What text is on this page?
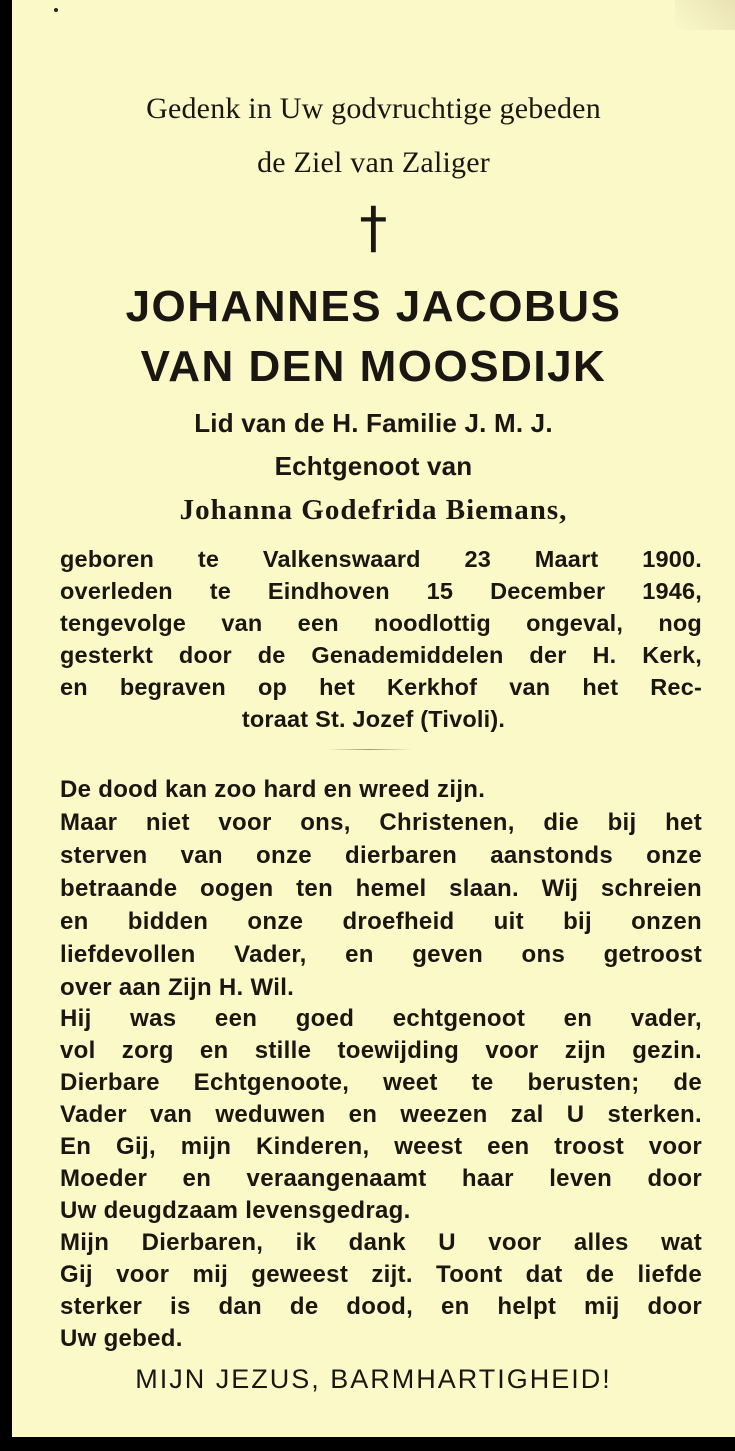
Gedenk in Uw godvruchtige gebeden
de Ziel van Zaliger
†
JOHANNES JACOBUS
VAN DEN MOOSDIJK
Lid van de H. Familie J. M. J.
Echtgenoot van
Johanna Godefrida Biemans,
geboren te Valkenswaard 23 Maart 1900.
overleden te Eindhoven 15 December 1946,
tengevolge van een noodlottig ongeval, nog
gesterkt door de Genademiddelen der H. Kerk,
en begraven op het Kerkhof van het Rec-
toraat St. Jozef (Tivoli).
De dood kan zoo hard en wreed zijn.
Maar niet voor ons, Christenen, die bij het
sterven van onze dierbaren aanstonds onze
betraande oogen ten hemel slaan. Wij schreien
en bidden onze droefheid uit bij onzen
liefdevollen Vader, en geven ons getroost
over aan Zijn H. Wil.
Hij was een goed echtgenoot en vader,
vol zorg en stille toewijding voor zijn gezin.
Dierbare Echtgenoote, weet te berusten; de
Vader van weduwen en weezen zal U sterken.
En Gij, mijn Kinderen, weest een troost voor
Moeder en veraangenaamt haar leven door
Uw deugdzaam levensgedrag.
Mijn Dierbaren, ik dank U voor alles wat
Gij voor mij geweest zijt. Toont dat de liefde
sterker is dan de dood, en helpt mij door
Uw gebed.
MIJN JEZUS, BARMHARTIGHEID!
